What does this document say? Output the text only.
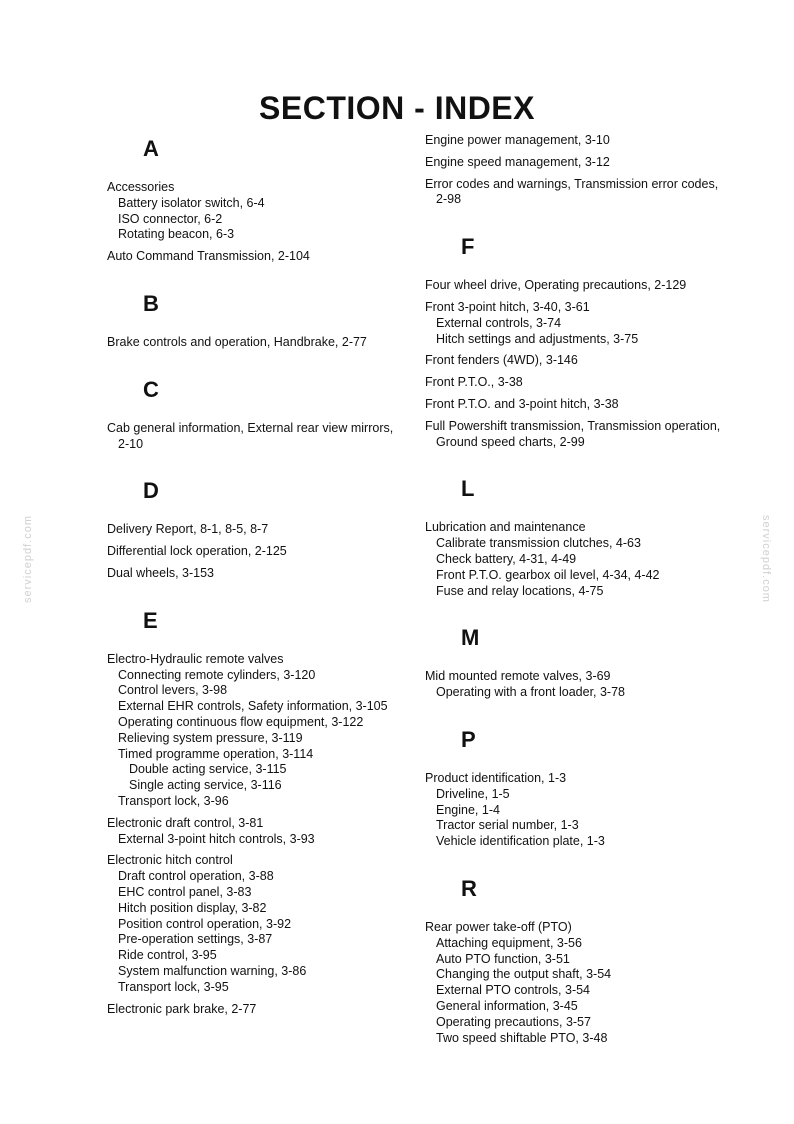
SECTION - INDEX
A
Accessories
Battery isolator switch, 6-4
ISO connector, 6-2
Rotating beacon, 6-3
Auto Command Transmission, 2-104
B
Brake controls and operation, Handbrake, 2-77
C
Cab general information, External rear view mirrors, 2-10
D
Delivery Report, 8-1, 8-5, 8-7
Differential lock operation, 2-125
Dual wheels, 3-153
E
Electro-Hydraulic remote valves
Connecting remote cylinders, 3-120
Control levers, 3-98
External EHR controls, Safety information, 3-105
Operating continuous flow equipment, 3-122
Relieving system pressure, 3-119
Timed programme operation, 3-114
Double acting service, 3-115
Single acting service, 3-116
Transport lock, 3-96
Electronic draft control, 3-81
External 3-point hitch controls, 3-93
Electronic hitch control
Draft control operation, 3-88
EHC control panel, 3-83
Hitch position display, 3-82
Position control operation, 3-92
Pre-operation settings, 3-87
Ride control, 3-95
System malfunction warning, 3-86
Transport lock, 3-95
Electronic park brake, 2-77
Engine power management, 3-10
Engine speed management, 3-12
Error codes and warnings, Transmission error codes, 2-98
F
Four wheel drive, Operating precautions, 2-129
Front 3-point hitch, 3-40, 3-61
External controls, 3-74
Hitch settings and adjustments, 3-75
Front fenders (4WD), 3-146
Front P.T.O., 3-38
Front P.T.O. and 3-point hitch, 3-38
Full Powershift transmission, Transmission operation, Ground speed charts, 2-99
L
Lubrication and maintenance
Calibrate transmission clutches, 4-63
Check battery, 4-31, 4-49
Front P.T.O. gearbox oil level, 4-34, 4-42
Fuse and relay locations, 4-75
M
Mid mounted remote valves, 3-69
Operating with a front loader, 3-78
P
Product identification, 1-3
Driveline, 1-5
Engine, 1-4
Tractor serial number, 1-3
Vehicle identification plate, 1-3
R
Rear power take-off (PTO)
Attaching equipment, 3-56
Auto PTO function, 3-51
Changing the output shaft, 3-54
External PTO controls, 3-54
General information, 3-45
Operating precautions, 3-57
Two speed shiftable PTO, 3-48
servicepdf.com	servicepdf.com
